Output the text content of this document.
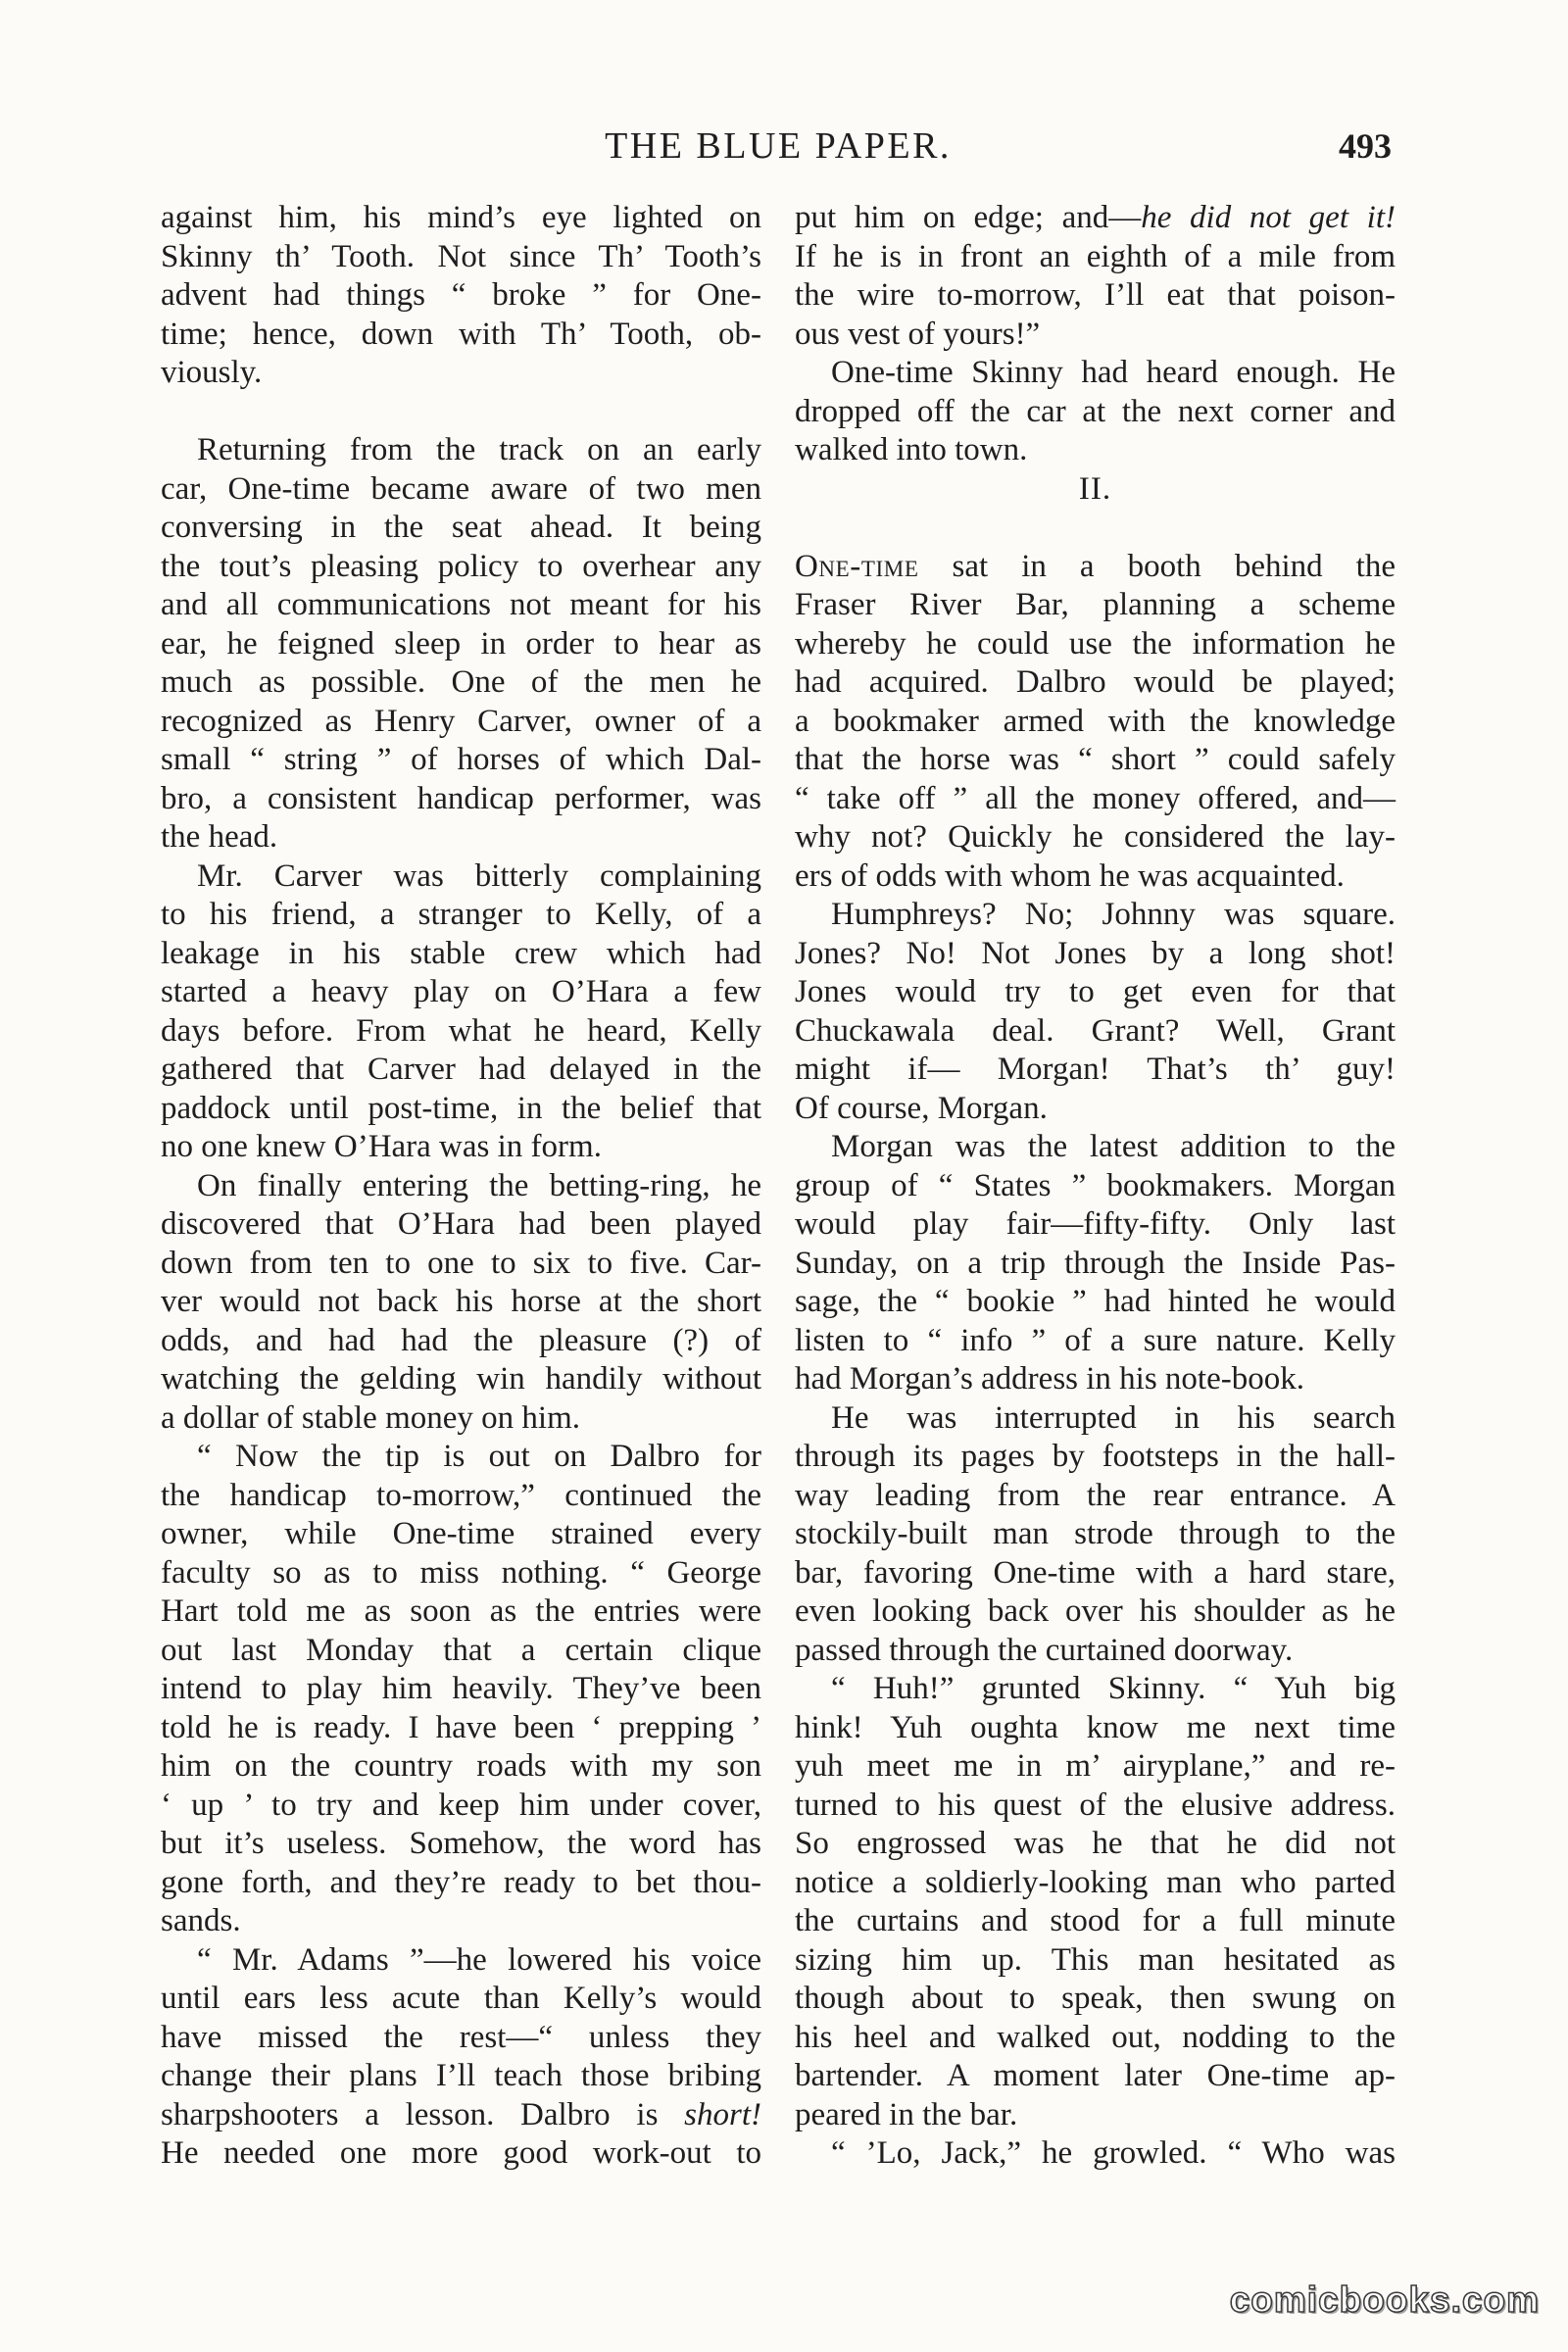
THE BLUE PAPER.	493
against him, his mind’s eye lighted on
Skinny th’ Tooth. Not since Th’ Tooth’s
advent had things “ broke ” for One-
time; hence, down with Th’ Tooth, ob-
viously.
Returning from the track on an early
car, One-time became aware of two men
conversing in the seat ahead. It being
the tout’s pleasing policy to overhear any
and all communications not meant for his
ear, he feigned sleep in order to hear as
much as possible. One of the men he
recognized as Henry Carver, owner of a
small “ string ” of horses of which Dal-
bro, a consistent handicap performer, was
the head.
Mr. Carver was bitterly complaining
to his friend, a stranger to Kelly, of a
leakage in his stable crew which had
started a heavy play on O’Hara a few
days before. From what he heard, Kelly
gathered that Carver had delayed in the
paddock until post-time, in the belief that
no one knew O’Hara was in form.
On finally entering the betting-ring, he
discovered that O’Hara had been played
down from ten to one to six to five. Car-
ver would not back his horse at the short
odds, and had had the pleasure (?) of
watching the gelding win handily without
a dollar of stable money on him.
“ Now the tip is out on Dalbro for
the handicap to-morrow,” continued the
owner, while One-time strained every
faculty so as to miss nothing. “ George
Hart told me as soon as the entries were
out last Monday that a certain clique
intend to play him heavily. They’ve been
told he is ready. I have been ‘ prepping ’
him on the country roads with my son
‘ up ’ to try and keep him under cover,
but it’s useless. Somehow, the word has
gone forth, and they’re ready to bet thou-
sands.
“ Mr. Adams ”—he lowered his voice
until ears less acute than Kelly’s would
have missed the rest—“ unless they
change their plans I’ll teach those bribing
sharpshooters a lesson. Dalbro is short!
He needed one more good work-out to
put him on edge; and—he did not get it!
If he is in front an eighth of a mile from
the wire to-morrow, I’ll eat that poison-
ous vest of yours!”
One-time Skinny had heard enough. He
dropped off the car at the next corner and
walked into town.
II.
One-time sat in a booth behind the
Fraser River Bar, planning a scheme
whereby he could use the information he
had acquired. Dalbro would be played;
a bookmaker armed with the knowledge
that the horse was “ short ” could safely
“ take off ” all the money offered, and—
why not? Quickly he considered the lay-
ers of odds with whom he was acquainted.
Humphreys? No; Johnny was square.
Jones? No! Not Jones by a long shot!
Jones would try to get even for that
Chuckawala deal. Grant? Well, Grant
might if— Morgan! That’s th’ guy!
Of course, Morgan.
Morgan was the latest addition to the
group of “ States ” bookmakers. Morgan
would play fair—fifty-fifty. Only last
Sunday, on a trip through the Inside Pas-
sage, the “ bookie ” had hinted he would
listen to “ info ” of a sure nature. Kelly
had Morgan’s address in his note-book.
He was interrupted in his search
through its pages by footsteps in the hall-
way leading from the rear entrance. A
stockily-built man strode through to the
bar, favoring One-time with a hard stare,
even looking back over his shoulder as he
passed through the curtained doorway.
“ Huh!” grunted Skinny. “ Yuh big
hink! Yuh oughta know me next time
yuh meet me in m’ airyplane,” and re-
turned to his quest of the elusive address.
So engrossed was he that he did not
notice a soldierly-looking man who parted
the curtains and stood for a full minute
sizing him up. This man hesitated as
though about to speak, then swung on
his heel and walked out, nodding to the
bartender. A moment later One-time ap-
peared in the bar.
“ ’Lo, Jack,” he growled. “ Who was
comicbooks.com
